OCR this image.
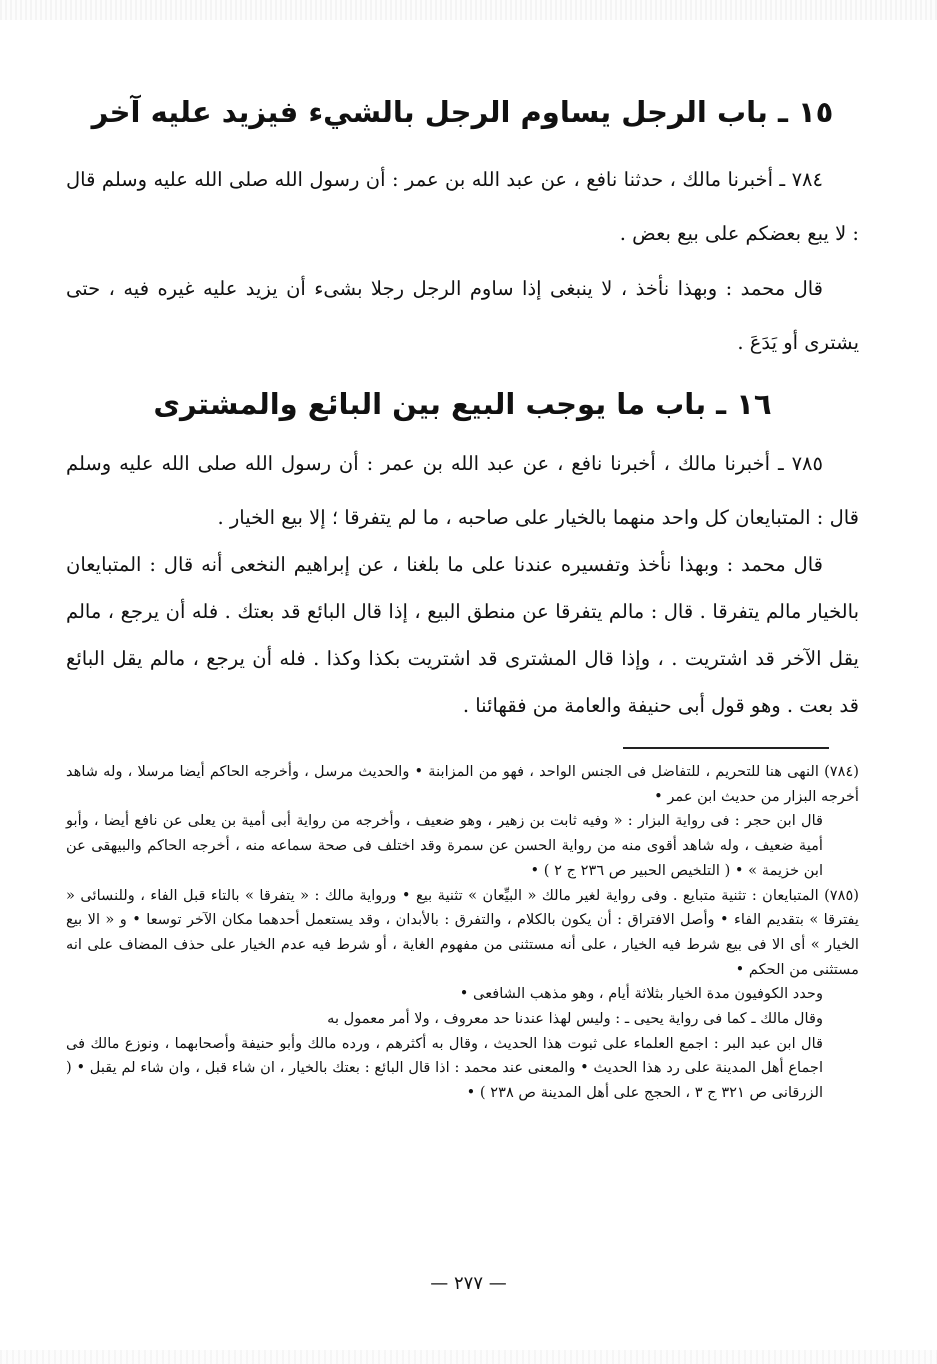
١٥ ـ باب الرجل يساوم الرجل بالشيء فيزيد عليه آخر

٧٨٤ ـ أخبرنا مالك ، حدثنا نافع ، عن عبد الله بن عمر : أن رسول الله صلى الله عليه وسلم قال : لا يبع بعضكم على بيع بعض .

قال محمد : وبهذا نأخذ ، لا ينبغى إذا ساوم الرجل رجلا بشىء أن يزيد عليه غيره فيه ، حتى يشترى أو يَدَعَ .

١٦ ـ باب ما يوجب البيع بين البائع والمشترى

٧٨٥ ـ أخبرنا مالك ، أخبرنا نافع ، عن عبد الله بن عمر : أن رسول الله صلى الله عليه وسلم قال : المتبايعان كل واحد منهما بالخيار على صاحبه ، ما لم يتفرقا ؛ إلا بيع الخيار .

قال محمد : وبهذا نأخذ وتفسيره عندنا على ما بلغنا ، عن إبراهيم النخعى أنه قال : المتبايعان بالخيار مالم يتفرقا . قال : مالم يتفرقا عن منطق البيع ، إذا قال البائع قد بعتك . فله أن يرجع ، مالم يقل الآخر قد اشتريت . ، وإذا قال المشترى قد اشتريت بكذا وكذا . فله أن يرجع ، مالم يقل البائع قد بعت . وهو قول أبى حنيفة والعامة من فقهائنا .

(٧٨٤) النهى هنا للتحريم ، للتفاضل فى الجنس الواحد ، فهو من المزابنة • والحديث مرسل ، وأخرجه الحاكم أيضا مرسلا ، وله شاهد أخرجه البزار من حديث ابن عمر •

قال ابن حجر : فى رواية البزار : « وفيه ثابت بن زهير ، وهو ضعيف ، وأخرجه من رواية أبى أمية بن يعلى عن نافع أيضا ، وأبو أمية ضعيف ، وله شاهد أقوى منه من رواية الحسن عن سمرة وقد اختلف فى صحة سماعه منه ، أخرجه الحاكم والبيهقى عن ابن خزيمة » • ( التلخيص الحبير ص ٢٣٦ ج ٢ ) •

(٧٨٥) المتبايعان : تثنية متبايع . وفى رواية لغير مالك « البيِّعان » تثنية بيع • ورواية مالك : « يتفرقا » بالتاء قبل الفاء ، وللنسائى « يفترقا » بتقديم الفاء • وأصل الافتراق : أن يكون بالكلام ، والتفرق : بالأبدان ، وقد يستعمل أحدهما مكان الآخر توسعا • و « الا بيع الخيار » أى الا فى بيع شرط فيه الخيار ، على أنه مستثنى من مفهوم الغاية ، أو شرط فيه عدم الخيار على حذف المضاف على انه مستثنى من الحكم •

وحدد الكوفيون مدة الخيار بثلاثة أيام ، وهو مذهب الشافعى •

وقال مالك ـ كما فى رواية يحيى ـ : وليس لهذا عندنا حد معروف ، ولا أمر معمول به

قال ابن عبد البر : اجمع العلماء على ثبوت هذا الحديث ، وقال به أكثرهم ، ورده مالك وأبو حنيفة وأصحابهما ، ونوزع مالك فى اجماع أهل المدينة على رد هذا الحديث • والمعنى عند محمد : اذا قال البائع : بعتك بالخيار ، ان شاء قبل ، وان شاء لم يقبل • ( الزرقانى ص ٣٢١ ج ٣ ، الحجج على أهل المدينة ص ٢٣٨ ) •

— ٢٧٧ —
